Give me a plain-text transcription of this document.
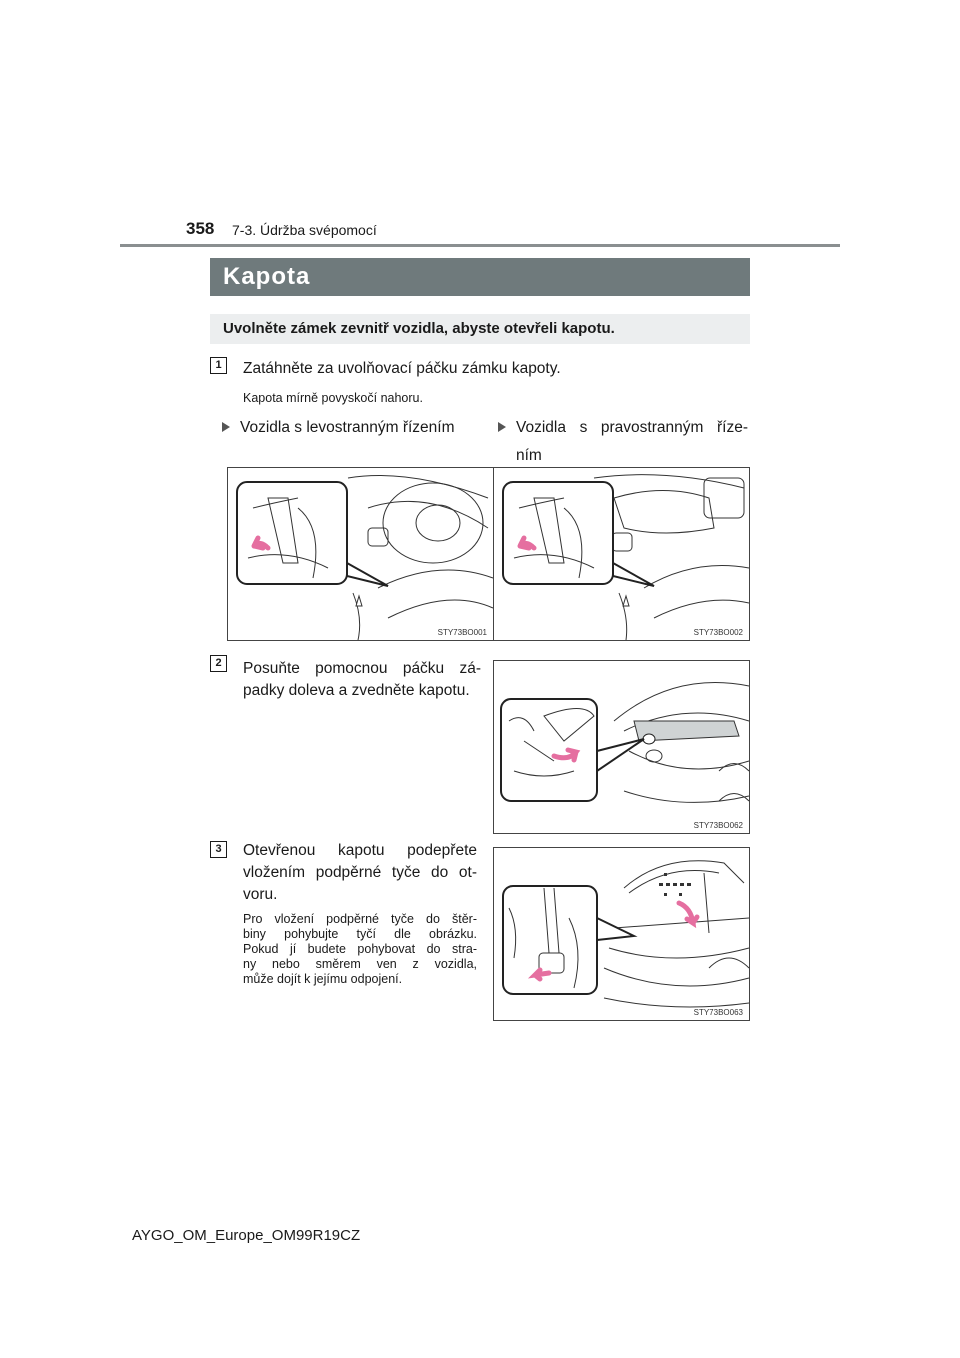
358 7-3. Údržba svépomocí
Kapota
Uvolněte zámek zevnitř vozidla, abyste otevřeli kapotu.
1	Zatáhněte za uvolňovací páčku zámku kapoty.
Kapota mírně povyskočí nahoru.
Vozidla s levostranným řízením	Vozidla s pravostranným říze-
ním
STY73BO001	STY73BO002
2	Posuňte pomocnou páčku zá-
padky doleva a zvedněte kapotu.
STY73BO062
3	Otevřenou kapotu podepřete
vložením podpěrné tyče do ot-
voru.
Pro vložení podpěrné tyče do štěr-
biny pohybujte tyčí dle obrázku.
Pokud jí budete pohybovat do stra-
ny nebo směrem ven z vozidla,
může dojít k jejímu odpojení.
STY73BO063
AYGO_OM_Europe_OM99R19CZ
